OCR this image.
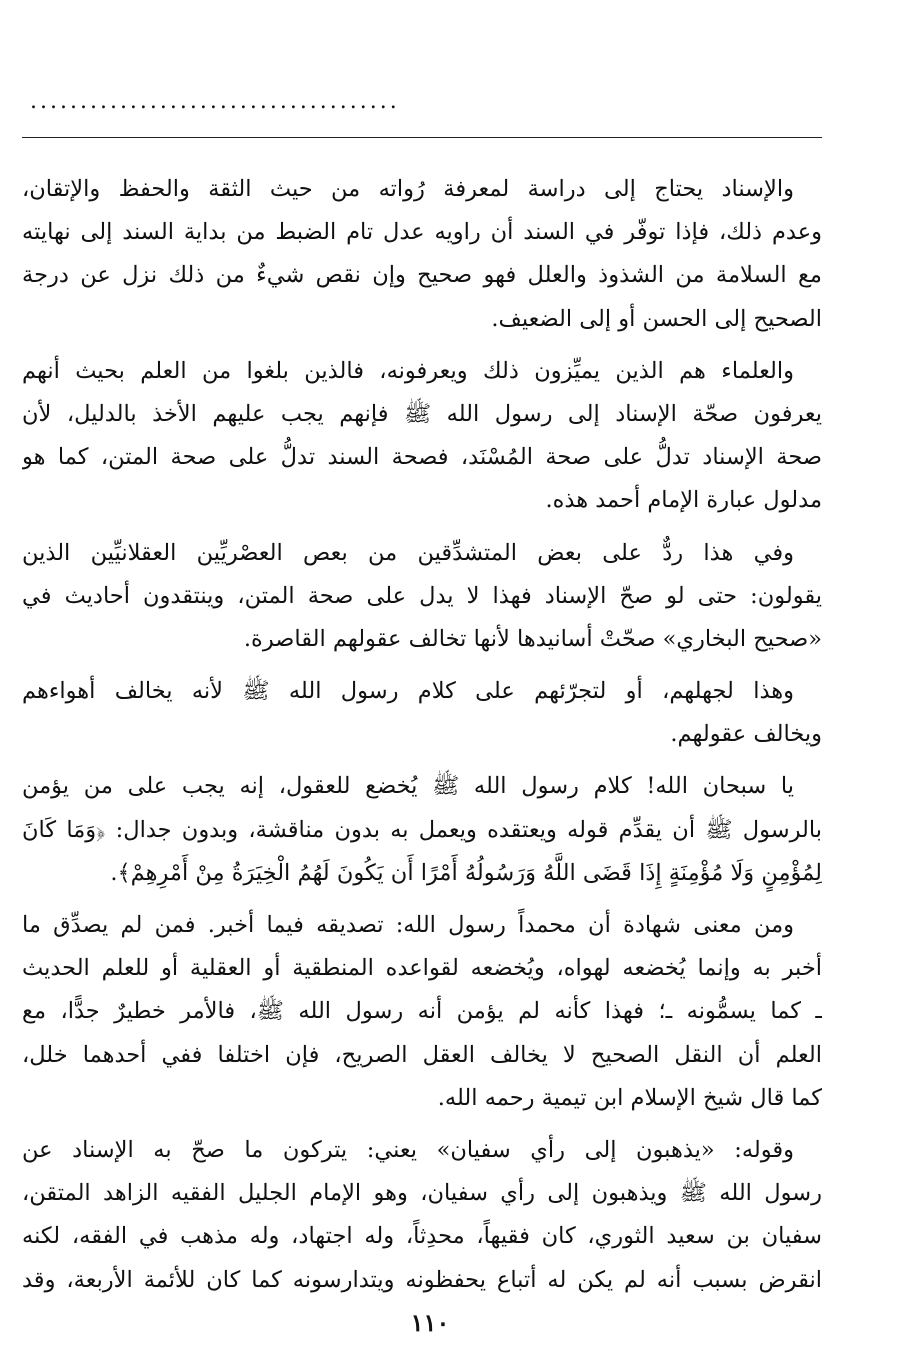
.....................................
والإسناد يحتاج إلى دراسة لمعرفة رُواته من حيث الثقة والحفظ والإتقان،
وعدم ذلك، فإذا توفّر في السند أن راويه عدل تام الضبط من بداية السند إلى نهايته
مع السلامة من الشذوذ والعلل فهو صحيح وإن نقص شيءٌ من ذلك نزل عن درجة
الصحيح إلى الحسن أو إلى الضعيف.
والعلماء هم الذين يميِّزون ذلك ويعرفونه، فالذين بلغوا من العلم بحيث أنهم
يعرفون صحّة الإسناد إلى رسول الله ﷺ فإنهم يجب عليهم الأخذ بالدليل، لأن
صحة الإسناد تدلُّ على صحة المُسْنَد، فصحة السند تدلُّ على صحة المتن، كما هو
مدلول عبارة الإمام أحمد هذه.
وفي هذا ردٌّ على بعض المتشدِّقين من بعص العصْريِّين العقلانيِّين الذين
يقولون: حتى لو صحّ الإسناد فهذا لا يدل على صحة المتن، وينتقدون أحاديث في
«صحيح البخاري» صحّتْ أسانيدها لأنها تخالف عقولهم القاصرة.
وهذا لجهلهم، أو لتجرّئهم على كلام رسول الله ﷺ لأنه يخالف أهواءهم
ويخالف عقولهم.
يا سبحان الله! كلام رسول الله ﷺ يُخضع للعقول، إنه يجب على من يؤمن
بالرسول ﷺ أن يقدِّم قوله ويعتقده ويعمل به بدون مناقشة، وبدون جدال: ﴿وَمَا كَانَ
لِمُؤْمِنٍ وَلَا مُؤْمِنَةٍ إِذَا قَضَى اللَّهُ وَرَسُولُهُ أَمْرًا أَن يَكُونَ لَهُمُ الْخِيَرَةُ مِنْ أَمْرِهِمْ﴾.
ومن معنى شهادة أن محمداً رسول الله: تصديقه فيما أخبر. فمن لم يصدِّق ما
أخبر به وإنما يُخضعه لهواه، ويُخضعه لقواعده المنطقية أو العقلية أو للعلم الحديث
ـ كما يسمُّونه ـ؛ فهذا كأنه لم يؤمن أنه رسول الله ﷺ، فالأمر خطيرٌ جدًّا، مع
العلم أن النقل الصحيح لا يخالف العقل الصريح، فإن اختلفا ففي أحدهما خلل،
كما قال شيخ الإسلام ابن تيمية رحمه الله.
وقوله: «يذهبون إلى رأي سفيان» يعني: يتركون ما صحّ به الإسناد عن
رسول الله ﷺ ويذهبون إلى رأي سفيان، وهو الإمام الجليل الفقيه الزاهد المتقن،
سفيان بن سعيد الثوري، كان فقيهاً، محدِثاً، وله اجتهاد، وله مذهب في الفقه، لكنه
انقرض بسبب أنه لم يكن له أتباع يحفظونه ويتدارسونه كما كان للأئمة الأربعة، وقد
١١٠
